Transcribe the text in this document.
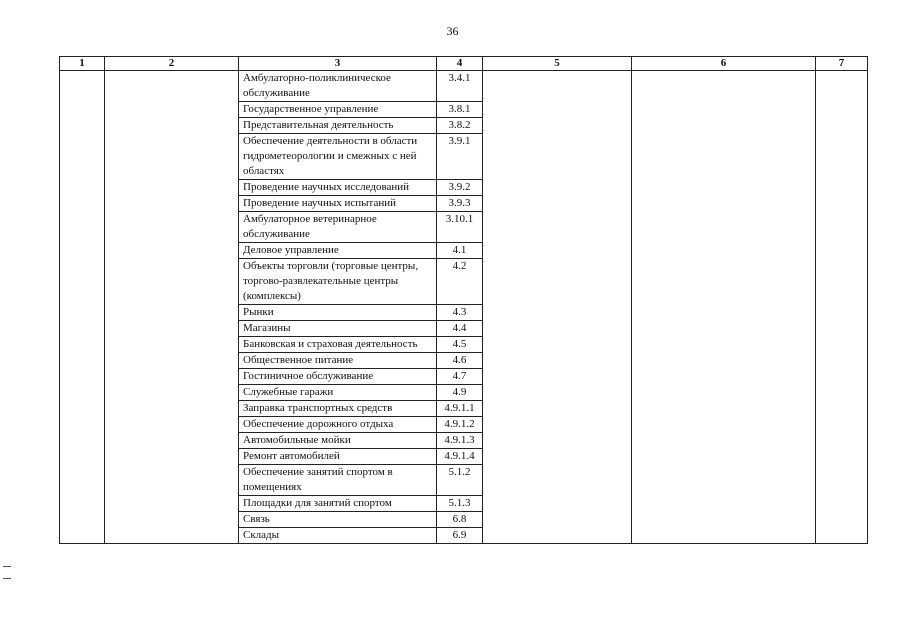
36
1	2	3	4	5	6	7
		Амбулаторно-поликлиническое обслуживание	3.4.1			
		Государственное управление	3.8.1			
		Представительная деятельность	3.8.2			
		Обеспечение деятельности в области гидрометеорологии и смежных с ней областях	3.9.1			
		Проведение научных исследований	3.9.2			
		Проведение научных испытаний	3.9.3			
		Амбулаторное ветеринарное обслуживание	3.10.1			
		Деловое управление	4.1			
		Объекты торговли (торговые центры, торгово-развлекательные центры (комплексы)	4.2			
		Рынки	4.3			
		Магазины	4.4			
		Банковская и страховая деятельность	4.5			
		Общественное питание	4.6			
		Гостиничное обслуживание	4.7			
		Служебные гаражи	4.9			
		Заправка транспортных средств	4.9.1.1			
		Обеспечение дорожного отдыха	4.9.1.2			
		Автомобильные мойки	4.9.1.3			
		Ремонт автомобилей	4.9.1.4			
		Обеспечение занятий спортом в помещениях	5.1.2			
		Площадки для занятий спортом	5.1.3			
		Связь	6.8			
		Склады	6.9			
